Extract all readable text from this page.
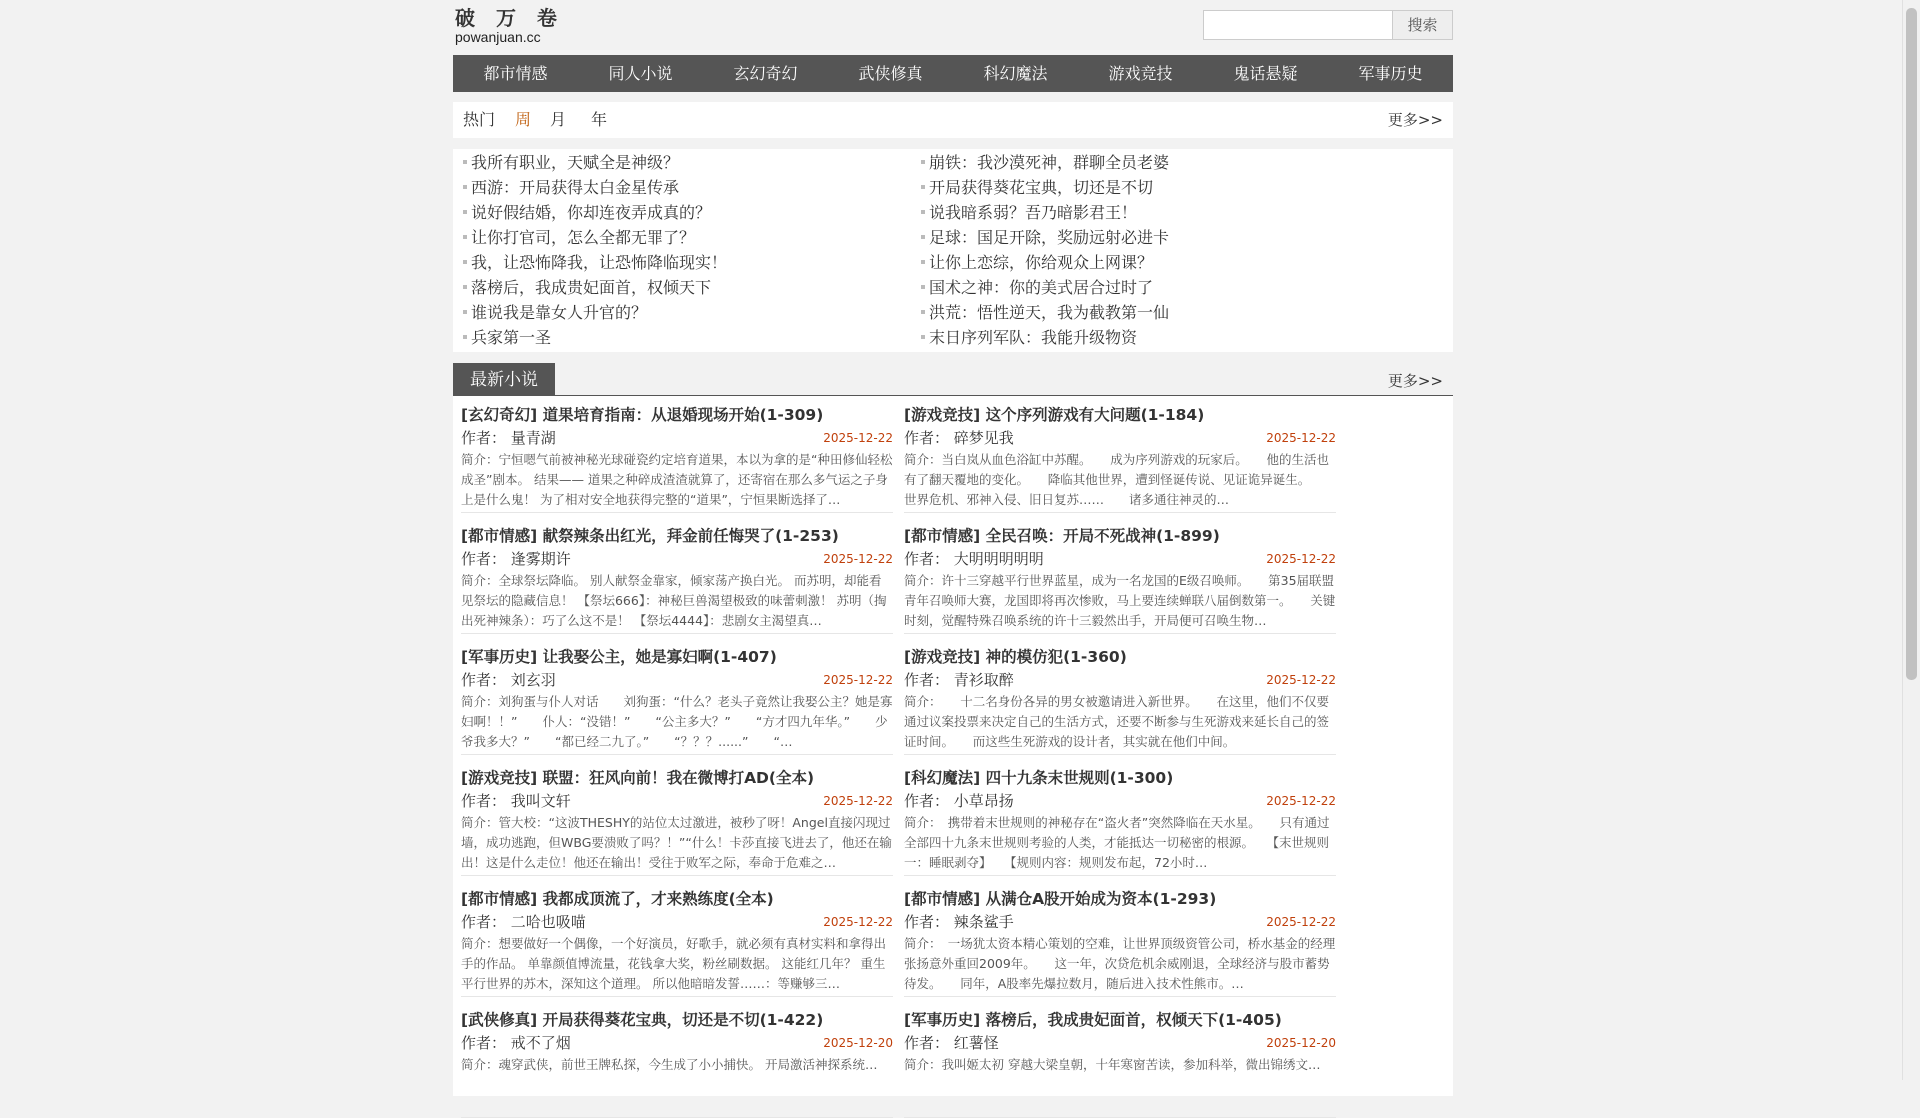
破 万 卷
powanjuan.cc
搜索
都市情感	同人小说	玄幻奇幻	武侠修真	科幻魔法	游戏竞技	鬼话悬疑	军事历史
热门 周 月 年	更多>>
我所有职业，天赋全是神级？
西游：开局获得太白金星传承
说好假结婚，你却连夜弄成真的？
让你打官司，怎么全都无罪了？
我，让恐怖降我，让恐怖降临现实！
落榜后，我成贵妃面首，权倾天下
谁说我是靠女人升官的？
兵家第一圣
崩铁：我沙漠死神，群聊全员老婆
开局获得葵花宝典，切还是不切
说我暗系弱？吾乃暗影君王！
足球：国足开除，奖励远射必进卡
让你上恋综，你给观众上网课？
国术之神：你的美式居合过时了
洪荒：悟性逆天，我为截教第一仙
末日序列军队：我能升级物资
最新小说	更多>>
[玄幻奇幻] 道果培育指南：从退婚现场开始(1-309)
作者： 量青湖	2025-12-22
简介：宁恒嗯气前被神秘光球碰瓷约定培育道果，本以为拿的是“种田修仙轻松成圣”剧本。 结果—— 道果之种碎成渣渣就算了，还寄宿在那么多气运之子身上是什么鬼！ 为了相对安全地获得完整的“道果”，宁恒果断选择了…
[游戏竞技] 这个序列游戏有大问题(1-184)
作者： 碎梦见我	2025-12-22
简介：当白岚从血色浴缸中苏醒。　　成为序列游戏的玩家后。　　他的生活也有了翻天覆地的变化。　　降临其他世界，遭到怪诞传说、见证诡异诞生。　　世界危机、邪神入侵、旧日复苏……　　诸多通往神灵的…
[都市情感] 献祭辣条出红光，拜金前任悔哭了(1-253)
作者： 逢雾期许	2025-12-22
简介：全球祭坛降临。 别人献祭金靠家，倾家荡产换白光。 而苏明，却能看见祭坛的隐藏信息！ 【祭坛666】：神秘巨兽渴望极致的味蕾刺激！ 苏明（掏出死神辣条）：巧了么这不是！ 【祭坛4444】：悲剧女主渴望真…
[都市情感] 全民召唤：开局不死战神(1-899)
作者： 大明明明明明	2025-12-22
简介：许十三穿越平行世界蓝星，成为一名龙国的E级召唤师。　　第35届联盟青年召唤师大赛，龙国即将再次惨败，马上要连续蝉联八届倒数第一。　　关键时刻，觉醒特殊召唤系统的许十三毅然出手，开局便可召唤生物…
[军事历史] 让我娶公主，她是寡妇啊(1-407)
作者： 刘玄羽	2025-12-22
简介：刘狗蛋与仆人对话　　刘狗蛋：“什么？老头子竟然让我娶公主？她是寡妇啊！！”　　仆人：“没错！”　　“公主多大？”　　“方才四九年华。”　　少爷我多大？”　　“都已经二九了。”　　“？？？......”　　“…
[游戏竞技] 神的模仿犯(1-360)
作者： 青衫取醉	2025-12-22
简介：　　十二名身份各异的男女被邀请进入新世界。　　在这里，他们不仅要通过议案投票来决定自己的生活方式，还要不断参与生死游戏来延长自己的签证时间。　　而这些生死游戏的设计者，其实就在他们中间。
[游戏竞技] 联盟：狂风向前！我在微博打AD(全本)
作者： 我叫文轩	2025-12-22
简介：管大校：“这波THESHY的站位太过激进，被秒了呀！Angel直接闪现过墙，成功逃跑，但WBG要溃败了吗？！”“什么！卡莎直接飞进去了，他还在输出！这是什么走位！他还在输出！受往于败军之际，奉命于危难之…
[科幻魔法] 四十九条末世规则(1-300)
作者： 小草昂扬	2025-12-22
简介：　携带着末世规则的神秘存在“盗火者”突然降临在天水星。　　只有通过全部四十九条末世规则考验的人类，才能抵达一切秘密的根源。　　【末世规则一：睡眠剥夺】　　【规则内容：规则发布起，72小时…
[都市情感] 我都成顶流了，才来熟练度(全本)
作者： 二哈也吸喵	2025-12-22
简介：想要做好一个偶像，一个好演员，好歌手，就必须有真材实料和拿得出手的作品。 单靠颜值博流量，花钱拿大奖，粉丝刷数据。 这能红几年？ 重生平行世界的苏木，深知这个道理。 所以他暗暗发誓……：等赚够三…
[都市情感] 从满仓A股开始成为资本(1-293)
作者： 辣条鲨手	2025-12-22
简介：　一场犹太资本精心策划的空难，让世界顶级资管公司，桥水基金的经理张扬意外重回2009年。　　这一年，次贷危机余威刚退，全球经济与股市蓄势待发。　　同年，A股率先爆拉数月，随后进入技术性熊市。…
[武侠修真] 开局获得葵花宝典，切还是不切(1-422)
作者： 戒不了烟	2025-12-20
简介：魂穿武侠，前世王牌私探，今生成了小小捕快。 开局激活神探系统…
[军事历史] 落榜后，我成贵妃面首，权倾天下(1-405)
作者： 红薯怪	2025-12-20
简介：我叫姬太初 穿越大梁皇朝，十年寒窗苦读，参加科举，微出锦绣文…
